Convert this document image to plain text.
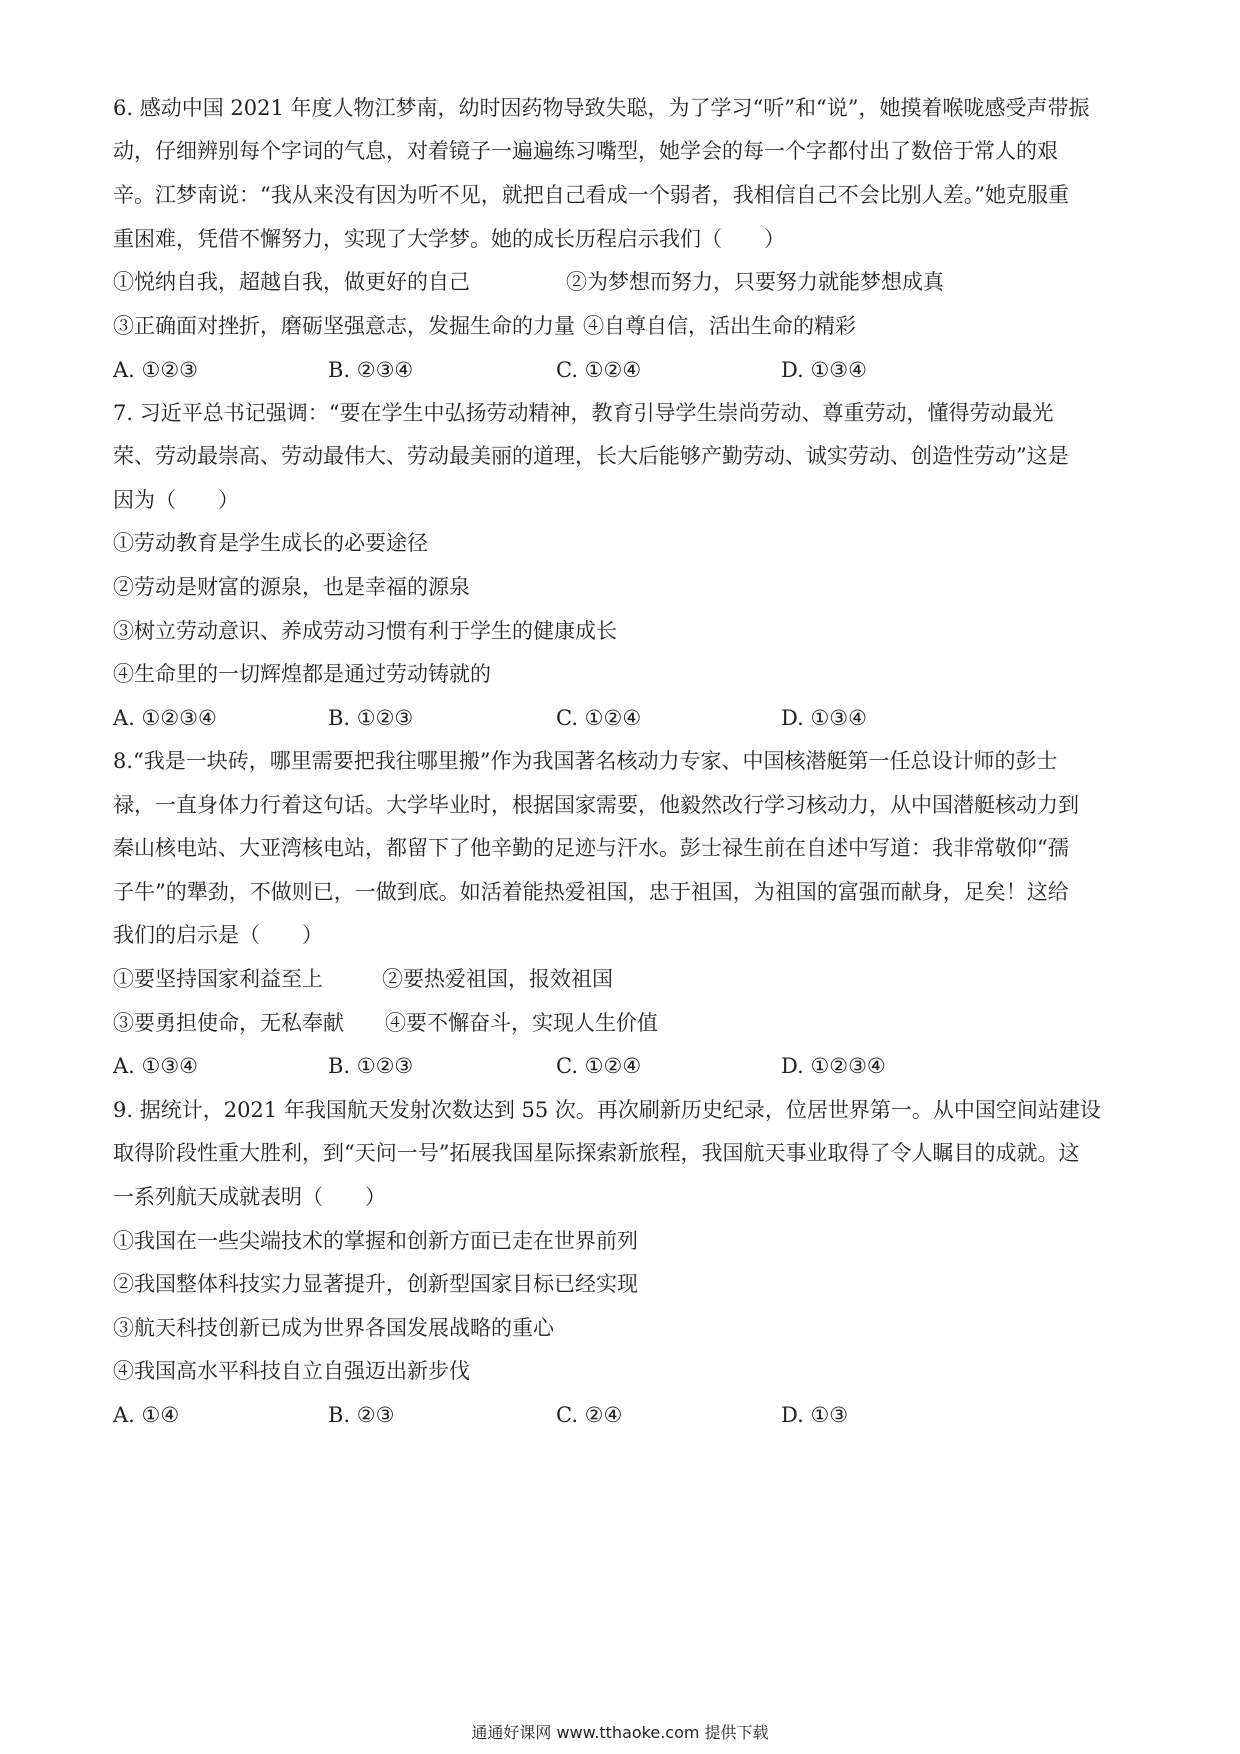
6. 感动中国 2021 年度人物江梦南，幼时因药物导致失聪，为了学习“听”和“说”，她摸着喉咙感受声带振
动，仔细辨别每个字词的气息，对着镜子一遍遍练习嘴型，她学会的每一个字都付出了数倍于常人的艰
辛。江梦南说：“我从来没有因为听不见，就把自己看成一个弱者，我相信自己不会比别人差。”她克服重
重困难，凭借不懈努力，实现了大学梦。她的成长历程启示我们（　　）
①悦纳自我，超越自我，做更好的自己	②为梦想而努力，只要努力就能梦想成真
③正确面对挫折，磨砺坚强意志，发掘生命的力量 ④自尊自信，活出生命的精彩
A. ①②③	B. ②③④	C. ①②④	D. ①③④
7. 习近平总书记强调：“要在学生中弘扬劳动精神，教育引导学生崇尚劳动、尊重劳动，懂得劳动最光
荣、劳动最崇高、劳动最伟大、劳动最美丽的道理，长大后能够产勤劳动、诚实劳动、创造性劳动”这是
因为（　　）
①劳动教育是学生成长的必要途径
②劳动是财富的源泉，也是幸福的源泉
③树立劳动意识、养成劳动习惯有利于学生的健康成长
④生命里的一切辉煌都是通过劳动铸就的
A. ①②③④	B. ①②③	C. ①②④	D. ①③④
8.“我是一块砖，哪里需要把我往哪里搬”作为我国著名核动力专家、中国核潜艇第一任总设计师的彭士
禄，一直身体力行着这句话。大学毕业时，根据国家需要，他毅然改行学习核动力，从中国潜艇核动力到
秦山核电站、大亚湾核电站，都留下了他辛勤的足迹与汗水。彭士禄生前在自述中写道：我非常敬仰“孺
子牛”的犟劲，不做则已，一做到底。如活着能热爱祖国，忠于祖国，为祖国的富强而献身，足矣！这给
我们的启示是（　　）
①要坚持国家利益至上	②要热爱祖国，报效祖国
③要勇担使命，无私奉献 ④要不懈奋斗，实现人生价值
A. ①③④	B. ①②③	C. ①②④	D. ①②③④
9. 据统计，2021 年我国航天发射次数达到 55 次。再次刷新历史纪录，位居世界第一。从中国空间站建设
取得阶段性重大胜利，到“天问一号”拓展我国星际探索新旅程，我国航天事业取得了令人瞩目的成就。这
一系列航天成就表明（　　）
①我国在一些尖端技术的掌握和创新方面已走在世界前列
②我国整体科技实力显著提升，创新型国家目标已经实现
③航天科技创新已成为世界各国发展战略的重心
④我国高水平科技自立自强迈出新步伐
A. ①④	B. ②③	C. ②④	D. ①③
通通好课网 www.tthaoke.com 提供下载
